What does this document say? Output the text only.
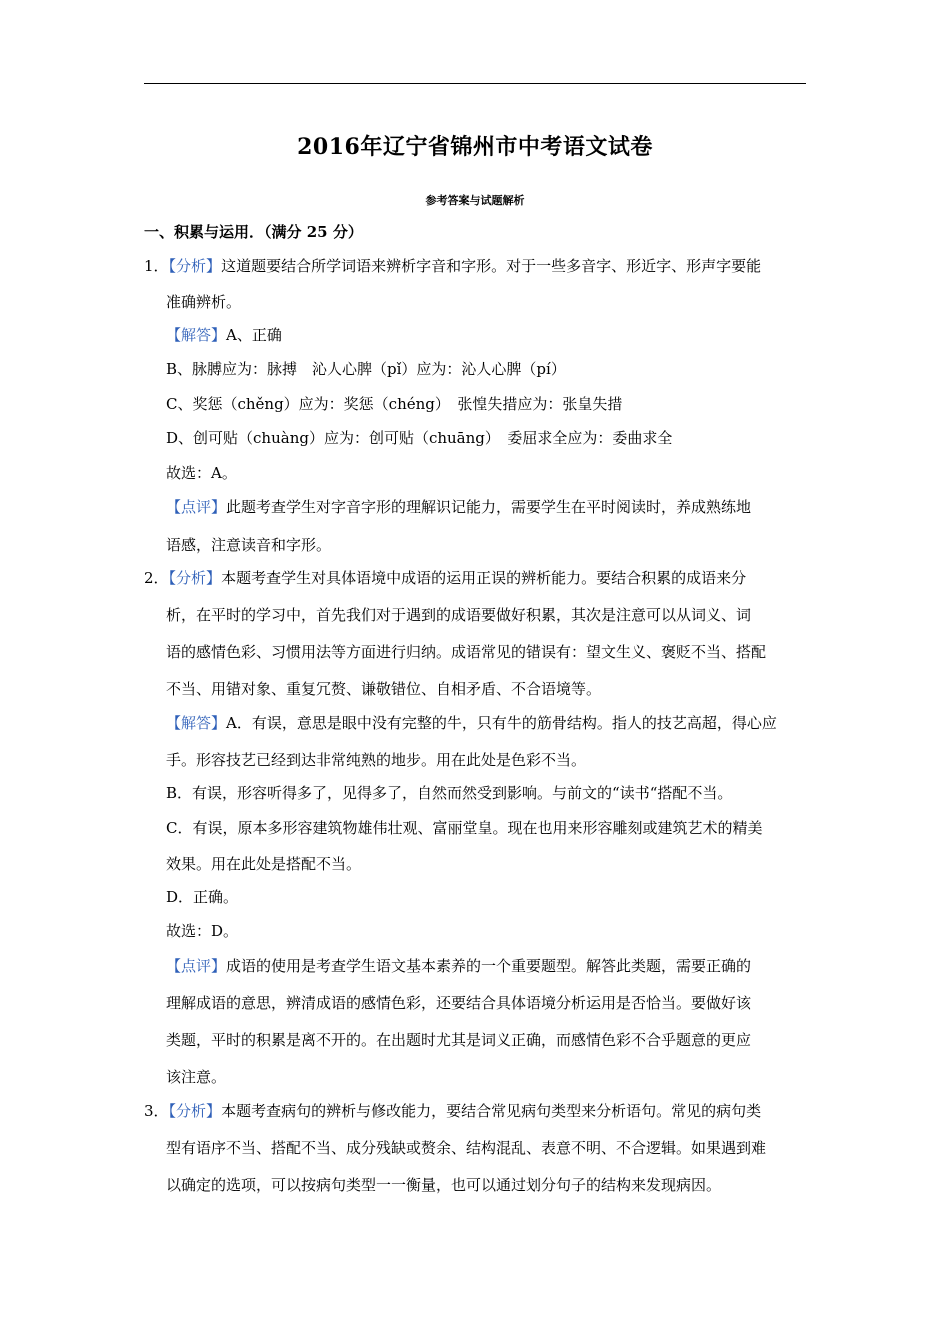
2016年辽宁省锦州市中考语文试卷
参考答案与试题解析
一、积累与运用．（满分 25 分）
1．【分析】这道题要结合所学词语来辨析字音和字形。对于一些多音字、形近字、形声字要能
准确辨析。
【解答】A、正确
B、脉膊应为：脉搏　沁人心脾（pǐ）应为：沁人心脾（pí）
C、奖惩（chěng）应为：奖惩（chéng）　张惶失措应为：张皇失措
D、创可贴（chuàng）应为：创可贴（chuāng）　委屈求全应为：委曲求全
故选：A。
【点评】此题考查学生对字音字形的理解识记能力，需要学生在平时阅读时，养成熟练地
语感，注意读音和字形。
2．【分析】本题考查学生对具体语境中成语的运用正误的辨析能力。要结合积累的成语来分
析，在平时的学习中，首先我们对于遇到的成语要做好积累，其次是注意可以从词义、词
语的感情色彩、习惯用法等方面进行归纳。成语常见的错误有：望文生义、褒贬不当、搭配
不当、用错对象、重复冗赘、谦敬错位、自相矛盾、不合语境等。
【解答】A．有误，意思是眼中没有完整的牛，只有牛的筋骨结构。指人的技艺高超，得心应
手。形容技艺已经到达非常纯熟的地步。用在此处是色彩不当。
B．有误，形容听得多了，见得多了，自然而然受到影响。与前文的“读书“搭配不当。
C．有误，原本多形容建筑物雄伟壮观、富丽堂皇。现在也用来形容雕刻或建筑艺术的精美
效果。用在此处是搭配不当。
D．正确。
故选：D。
【点评】成语的使用是考查学生语文基本素养的一个重要题型。解答此类题，需要正确的
理解成语的意思，辨清成语的感情色彩，还要结合具体语境分析运用是否恰当。要做好该
类题，平时的积累是离不开的。在出题时尤其是词义正确，而感情色彩不合乎题意的更应
该注意。
3．【分析】本题考查病句的辨析与修改能力，要结合常见病句类型来分析语句。常见的病句类
型有语序不当、搭配不当、成分残缺或赘余、结构混乱、表意不明、不合逻辑。如果遇到难
以确定的选项，可以按病句类型一一衡量，也可以通过划分句子的结构来发现病因。
